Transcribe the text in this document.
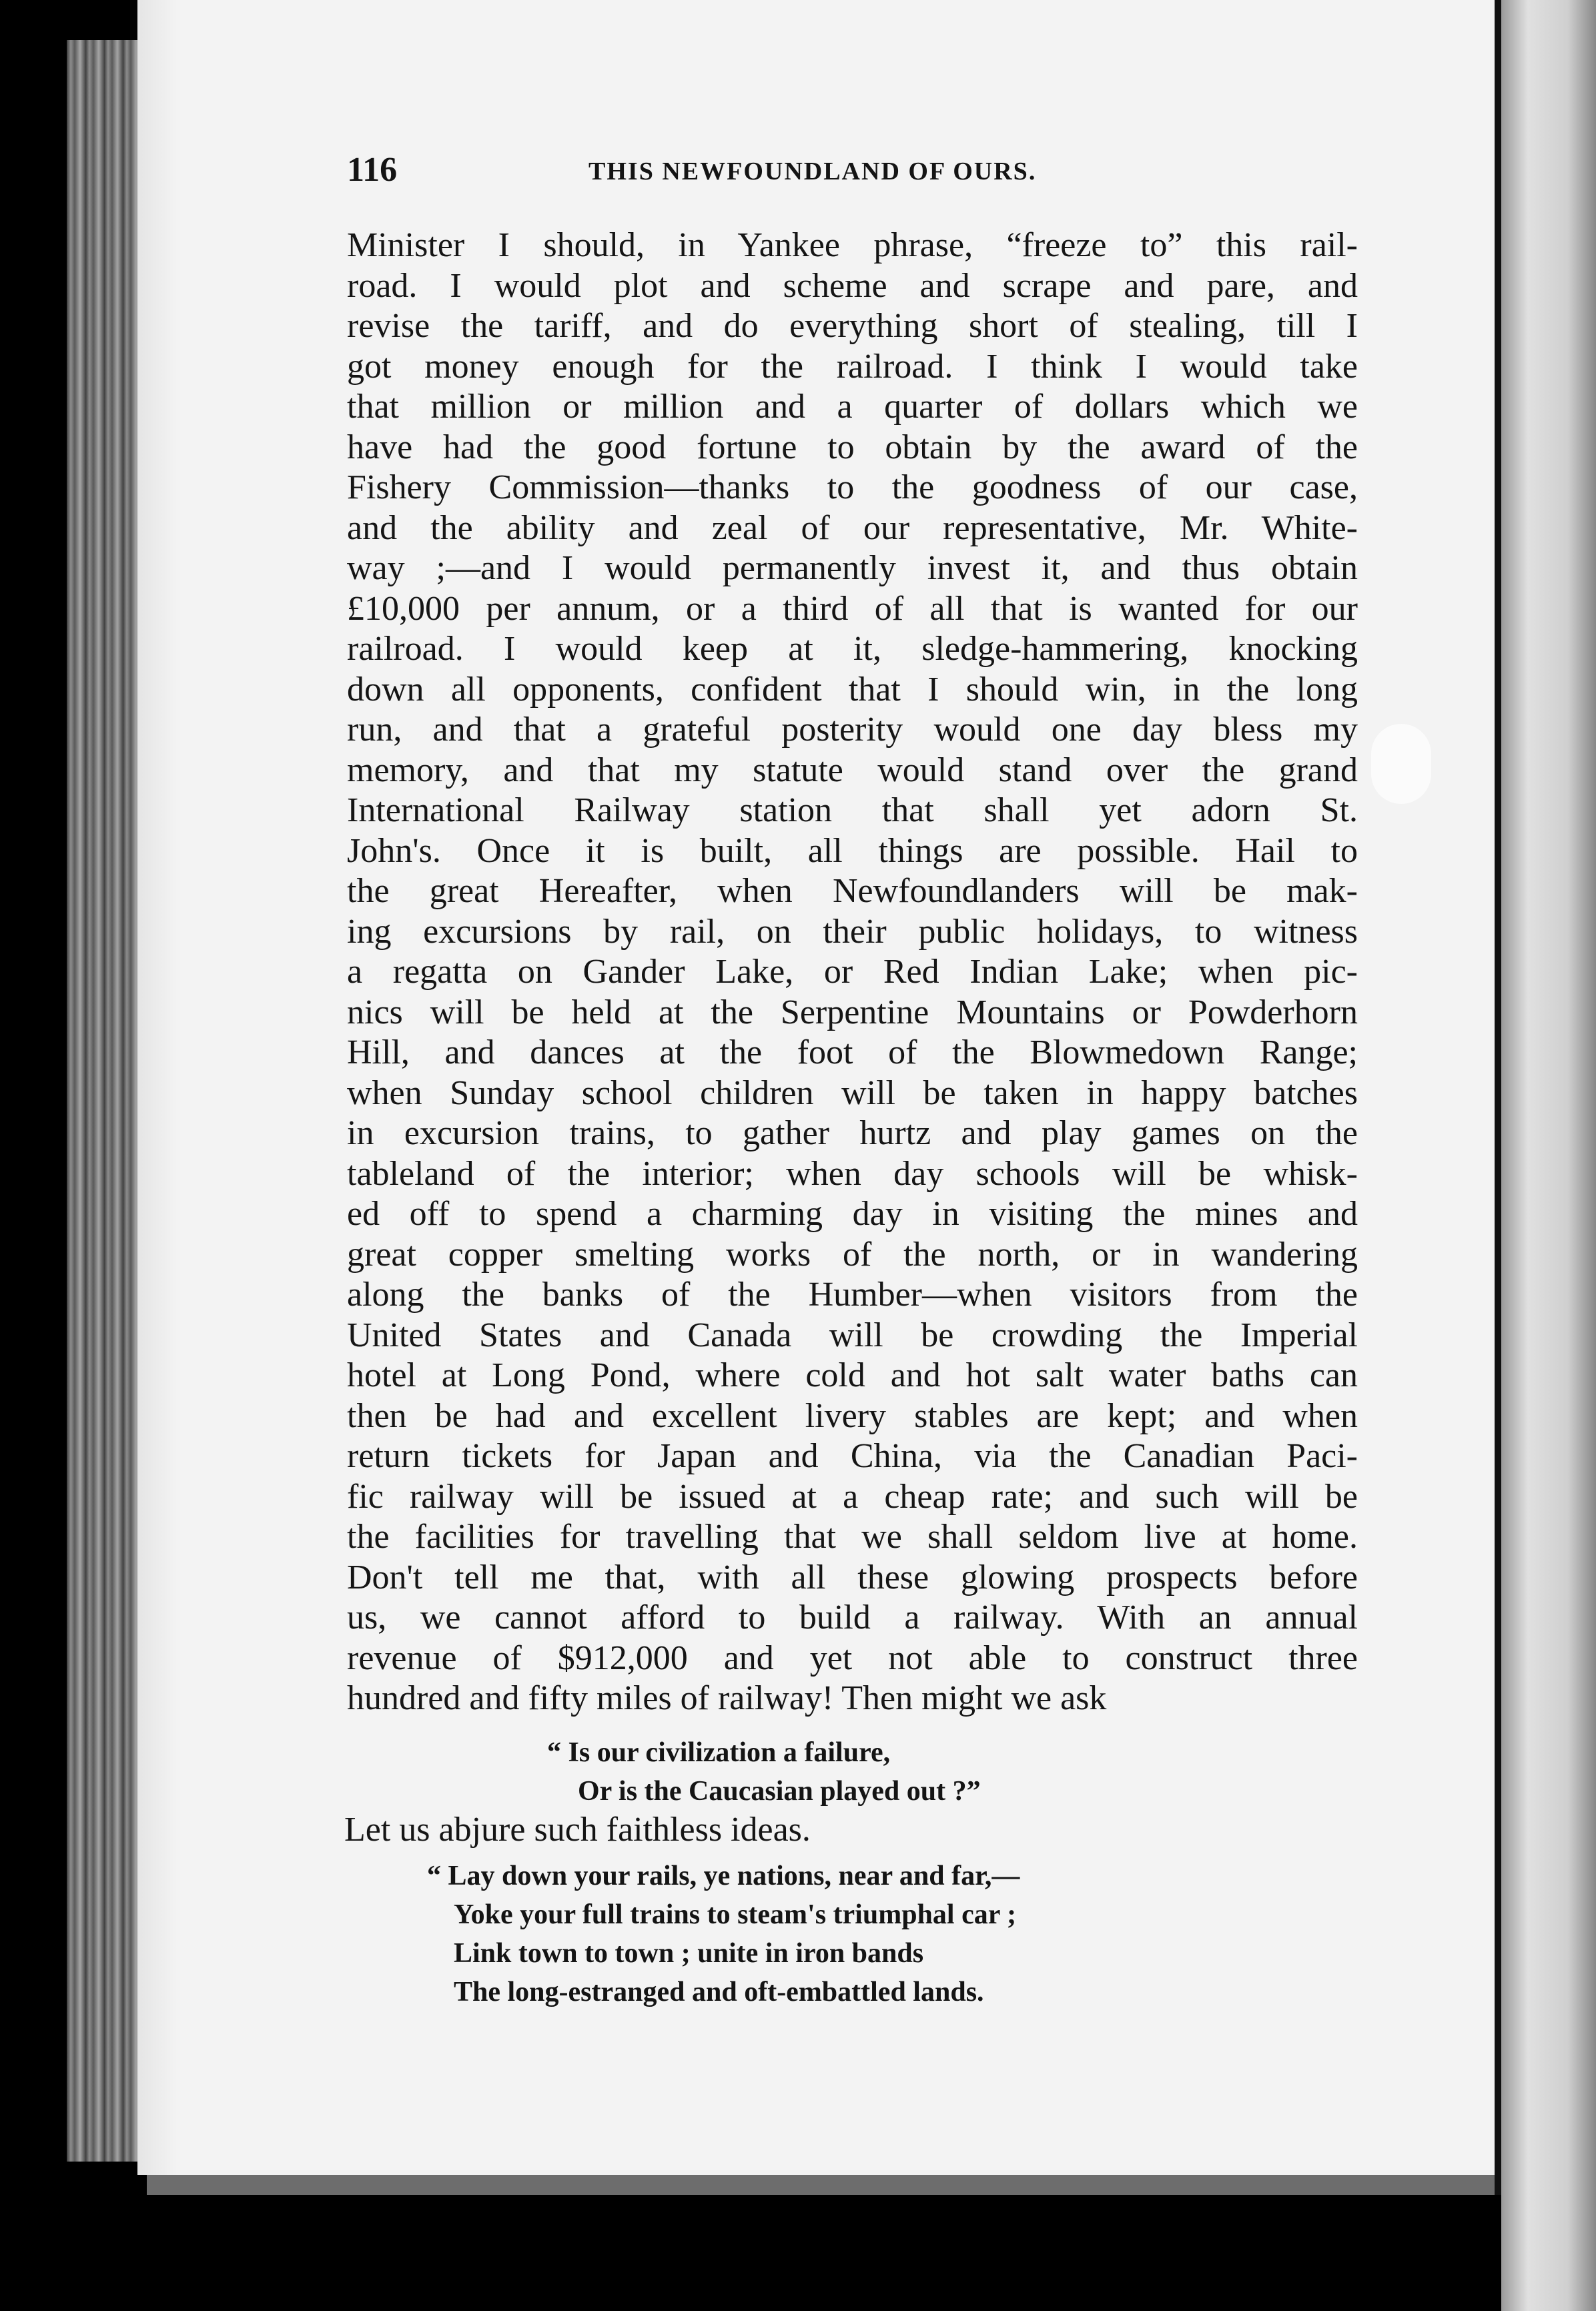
116	THIS NEWFOUNDLAND OF OURS.
Minister I should, in Yankee phrase, “freeze to” this rail-
road. I would plot and scheme and scrape and pare, and
revise the tariff, and do everything short of stealing, till I
got money enough for the railroad. I think I would take
that million or million and a quarter of dollars which we
have had the good fortune to obtain by the award of the
Fishery Commission—thanks to the goodness of our case,
and the ability and zeal of our representative, Mr. White-
way ;—and I would permanently invest it, and thus obtain
£10,000 per annum, or a third of all that is wanted for our
railroad. I would keep at it, sledge-hammering, knocking
down all opponents, confident that I should win, in the long
run, and that a grateful posterity would one day bless my
memory, and that my statute would stand over the grand
International Railway station that shall yet adorn St.
John's. Once it is built, all things are possible. Hail to
the great Hereafter, when Newfoundlanders will be mak-
ing excursions by rail, on their public holidays, to witness
a regatta on Gander Lake, or Red Indian Lake; when pic-
nics will be held at the Serpentine Mountains or Powderhorn
Hill, and dances at the foot of the Blowmedown Range;
when Sunday school children will be taken in happy batches
in excursion trains, to gather hurtz and play games on the
tableland of the interior; when day schools will be whisk-
ed off to spend a charming day in visiting the mines and
great copper smelting works of the north, or in wandering
along the banks of the Humber—when visitors from the
United States and Canada will be crowding the Imperial
hotel at Long Pond, where cold and hot salt water baths can
then be had and excellent livery stables are kept; and when
return tickets for Japan and China, via the Canadian Paci-
fic railway will be issued at a cheap rate; and such will be
the facilities for travelling that we shall seldom live at home.
Don't tell me that, with all these glowing prospects before
us, we cannot afford to build a railway. With an annual
revenue of $912,000 and yet not able to construct three
hundred and fifty miles of railway! Then might we ask
“ Is our civilization a failure,
Or is the Caucasian played out ?”
Let us abjure such faithless ideas.
“ Lay down your rails, ye nations, near and far,—
Yoke your full trains to steam's triumphal car ;
Link town to town ; unite in iron bands
The long-estranged and oft-embattled lands.
